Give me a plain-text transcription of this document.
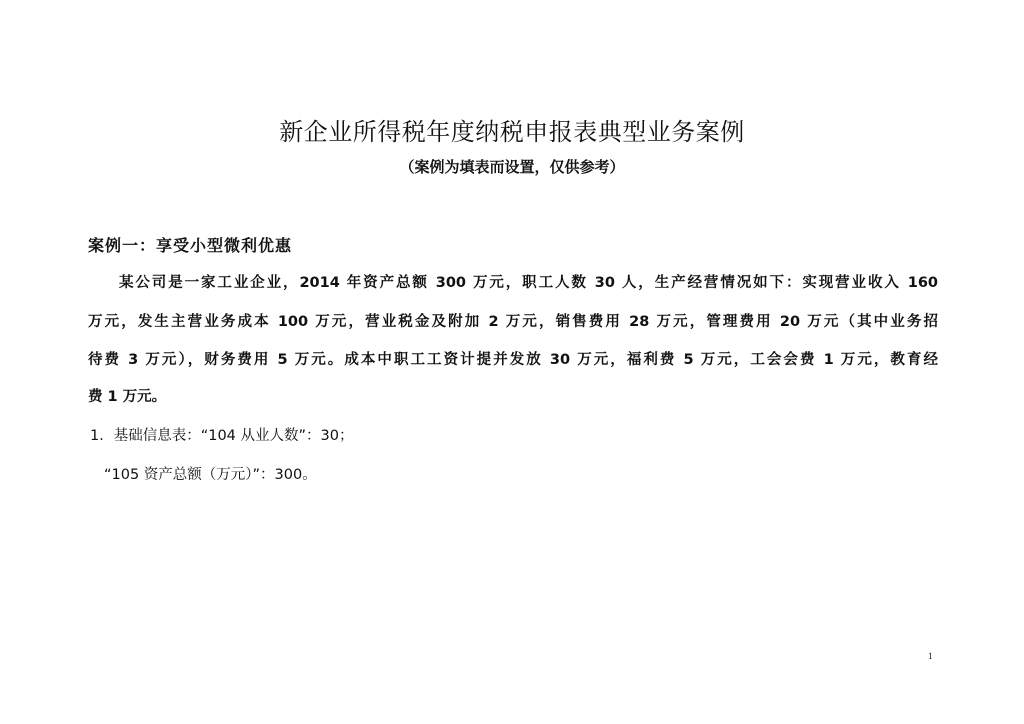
新企业所得税年度纳税申报表典型业务案例
（案例为填表而设置，仅供参考）
案例一：享受小型微利优惠
某公司是一家工业企业，2014 年资产总额 300 万元，职工人数 30 人，生产经营情况如下：实现营业收入 160
万元，发生主营业务成本 100 万元，营业税金及附加 2 万元，销售费用 28 万元，管理费用 20 万元（其中业务招
待费 3 万元），财务费用 5 万元。成本中职工工资计提并发放 30 万元，福利费 5 万元，工会会费 1 万元，教育经
费 1 万元。
1．基础信息表：“104 从业人数”：30；
“105 资产总额（万元）”：300。
1
